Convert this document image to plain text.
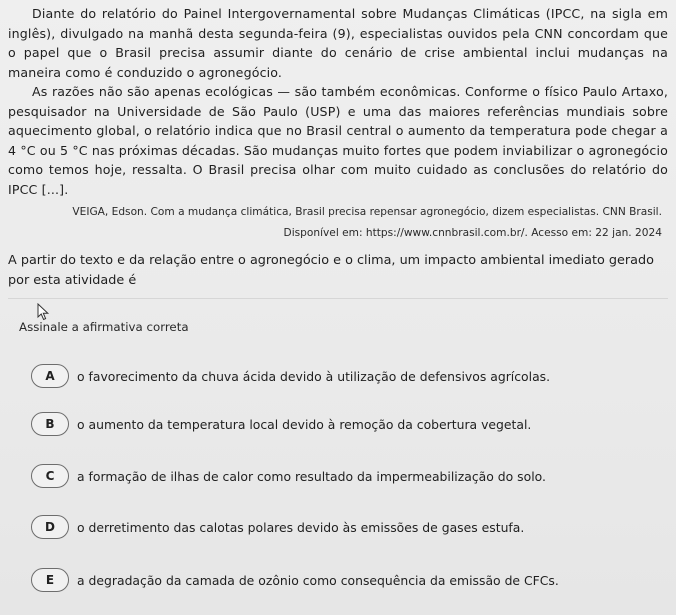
Diante do relatório do Painel Intergovernamental sobre Mudanças Climáticas (IPCC, na sigla em inglês), divulgado na manhã desta segunda-feira (9), especialistas ouvidos pela CNN concordam que o papel que o Brasil precisa assumir diante do cenário de crise ambiental inclui mudanças na maneira como é conduzido o agronegócio.
As razões não são apenas ecológicas — são também econômicas. Conforme o físico Paulo Artaxo, pesquisador na Universidade de São Paulo (USP) e uma das maiores referências mundiais sobre aquecimento global, o relatório indica que no Brasil central o aumento da temperatura pode chegar a 4 °C ou 5 °C nas próximas décadas. São mudanças muito fortes que podem inviabilizar o agronegócio como temos hoje, ressalta. O Brasil precisa olhar com muito cuidado as conclusões do relatório do IPCC [...].
VEIGA, Edson. Com a mudança climática, Brasil precisa repensar agronegócio, dizem especialistas. CNN Brasil.
Disponível em: https://www.cnnbrasil.com.br/. Acesso em: 22 jan. 2024
A partir do texto e da relação entre o agronegócio e o clima, um impacto ambiental imediato gerado por esta atividade é
Assinale a afirmativa correta
A	o favorecimento da chuva ácida devido à utilização de defensivos agrícolas.
B	o aumento da temperatura local devido à remoção da cobertura vegetal.
C	a formação de ilhas de calor como resultado da impermeabilização do solo.
D	o derretimento das calotas polares devido às emissões de gases estufa.
E	a degradação da camada de ozônio como consequência da emissão de CFCs.
